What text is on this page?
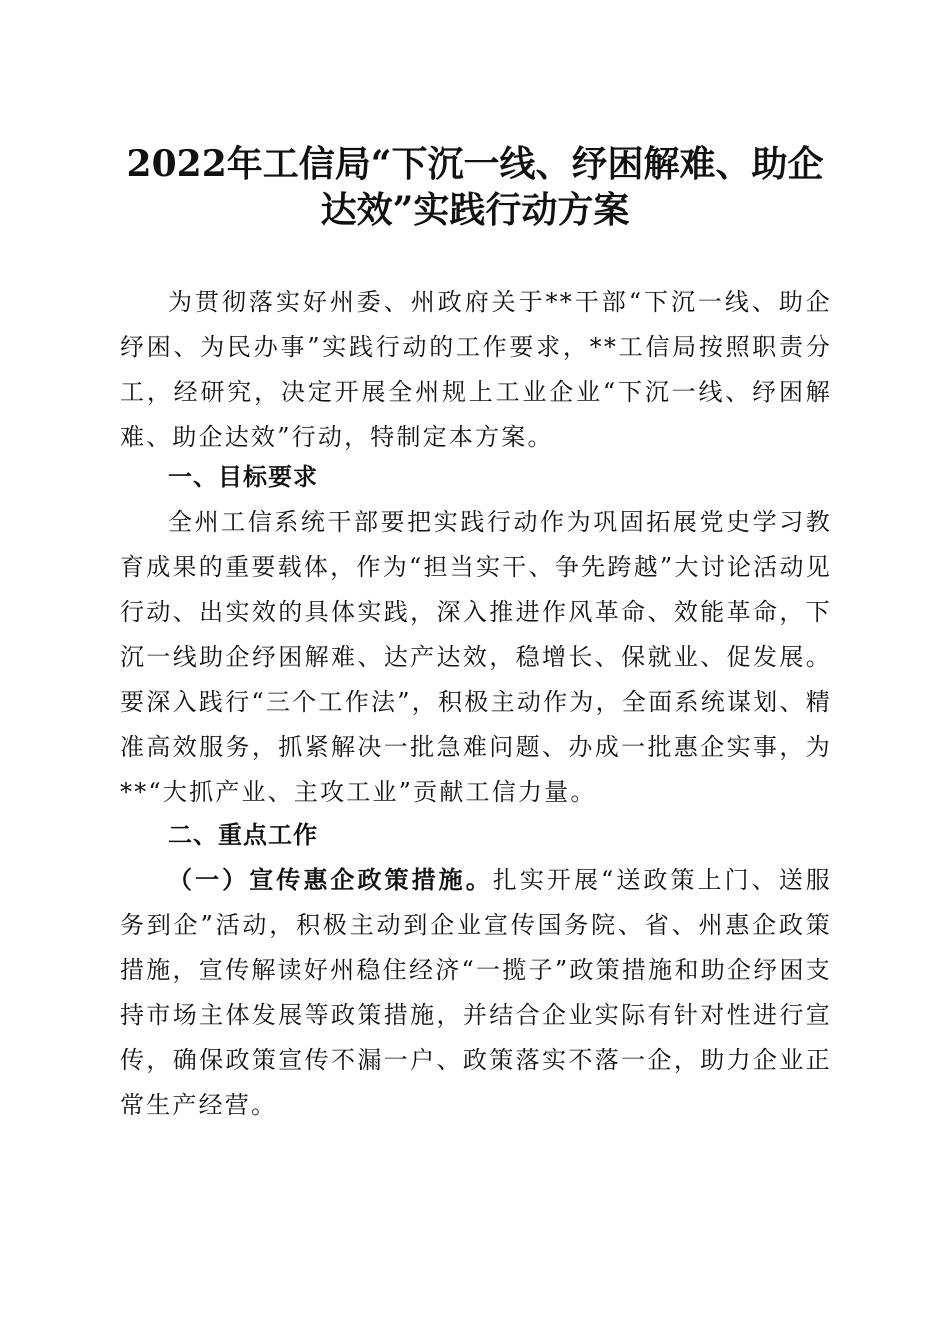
2022年工信局“下沉一线、纾困解难、助企
达效”实践行动方案

为贯彻落实好州委、州政府关于**干部“下沉一线、助企纾困、为民办事”实践行动的工作要求，**工信局按照职责分工，经研究，决定开展全州规上工业企业“下沉一线、纾困解难、助企达效”行动，特制定本方案。

一、目标要求

全州工信系统干部要把实践行动作为巩固拓展党史学习教育成果的重要载体，作为“担当实干、争先跨越”大讨论活动见行动、出实效的具体实践，深入推进作风革命、效能革命，下沉一线助企纾困解难、达产达效，稳增长、保就业、促发展。要深入践行“三个工作法”，积极主动作为，全面系统谋划、精准高效服务，抓紧解决一批急难问题、办成一批惠企实事，为**“大抓产业、主攻工业”贡献工信力量。

二、重点工作

（一）宣传惠企政策措施。扎实开展“送政策上门、送服务到企”活动，积极主动到企业宣传国务院、省、州惠企政策措施，宣传解读好州稳住经济“一揽子”政策措施和助企纾困支持市场主体发展等政策措施，并结合企业实际有针对性进行宣传，确保政策宣传不漏一户、政策落实不落一企，助力企业正常生产经营。
